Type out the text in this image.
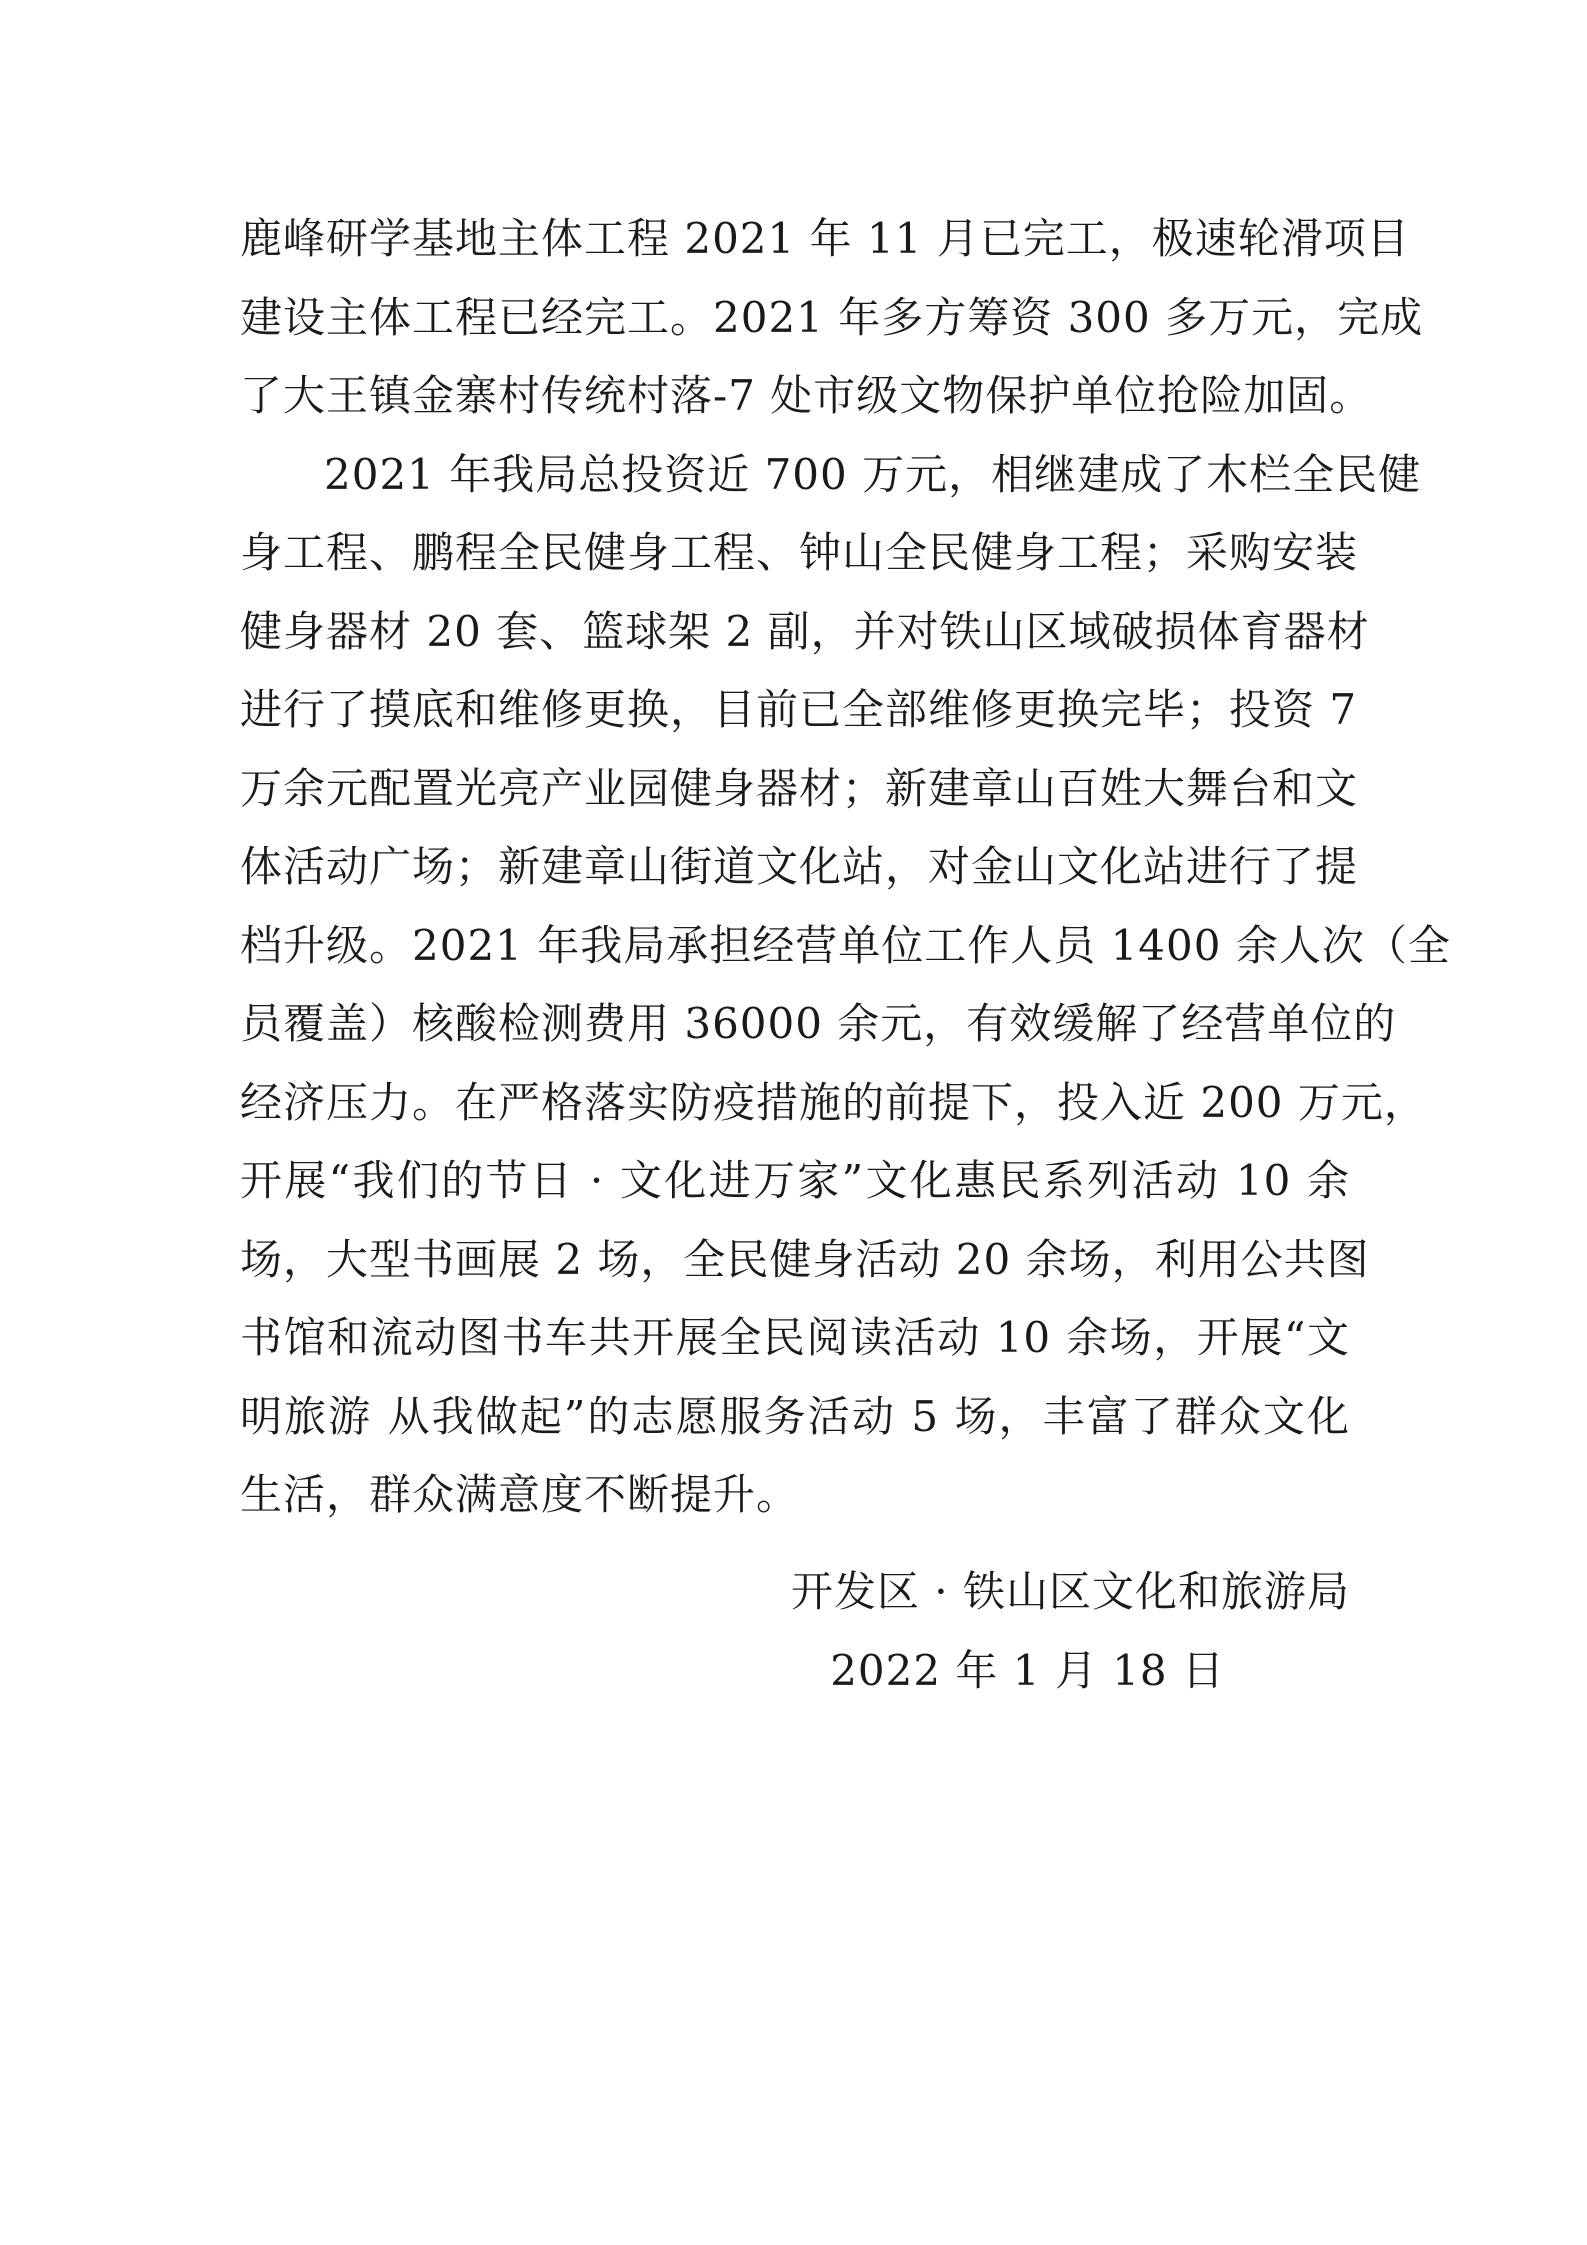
鹿峰研学基地主体工程 2021 年 11 月已完工，极速轮滑项目
建设主体工程已经完工。2021 年多方筹资 300 多万元，完成
了大王镇金寨村传统村落-7 处市级文物保护单位抢险加固。
2021 年我局总投资近 700 万元，相继建成了木栏全民健
身工程、鹏程全民健身工程、钟山全民健身工程；采购安装
健身器材 20 套、篮球架 2 副，并对铁山区域破损体育器材
进行了摸底和维修更换，目前已全部维修更换完毕；投资 7
万余元配置光亮产业园健身器材；新建章山百姓大舞台和文
体活动广场；新建章山街道文化站，对金山文化站进行了提
档升级。2021 年我局承担经营单位工作人员 1400 余人次（全
员覆盖）核酸检测费用 36000 余元，有效缓解了经营单位的
经济压力。在严格落实防疫措施的前提下，投入近 200 万元，
开展“我们的节日 · 文化进万家”文化惠民系列活动 10 余
场，大型书画展 2 场，全民健身活动 20 余场，利用公共图
书馆和流动图书车共开展全民阅读活动 10 余场，开展“文
明旅游 从我做起”的志愿服务活动 5 场，丰富了群众文化
生活，群众满意度不断提升。
开发区 · 铁山区文化和旅游局
2022 年 1 月 18 日
